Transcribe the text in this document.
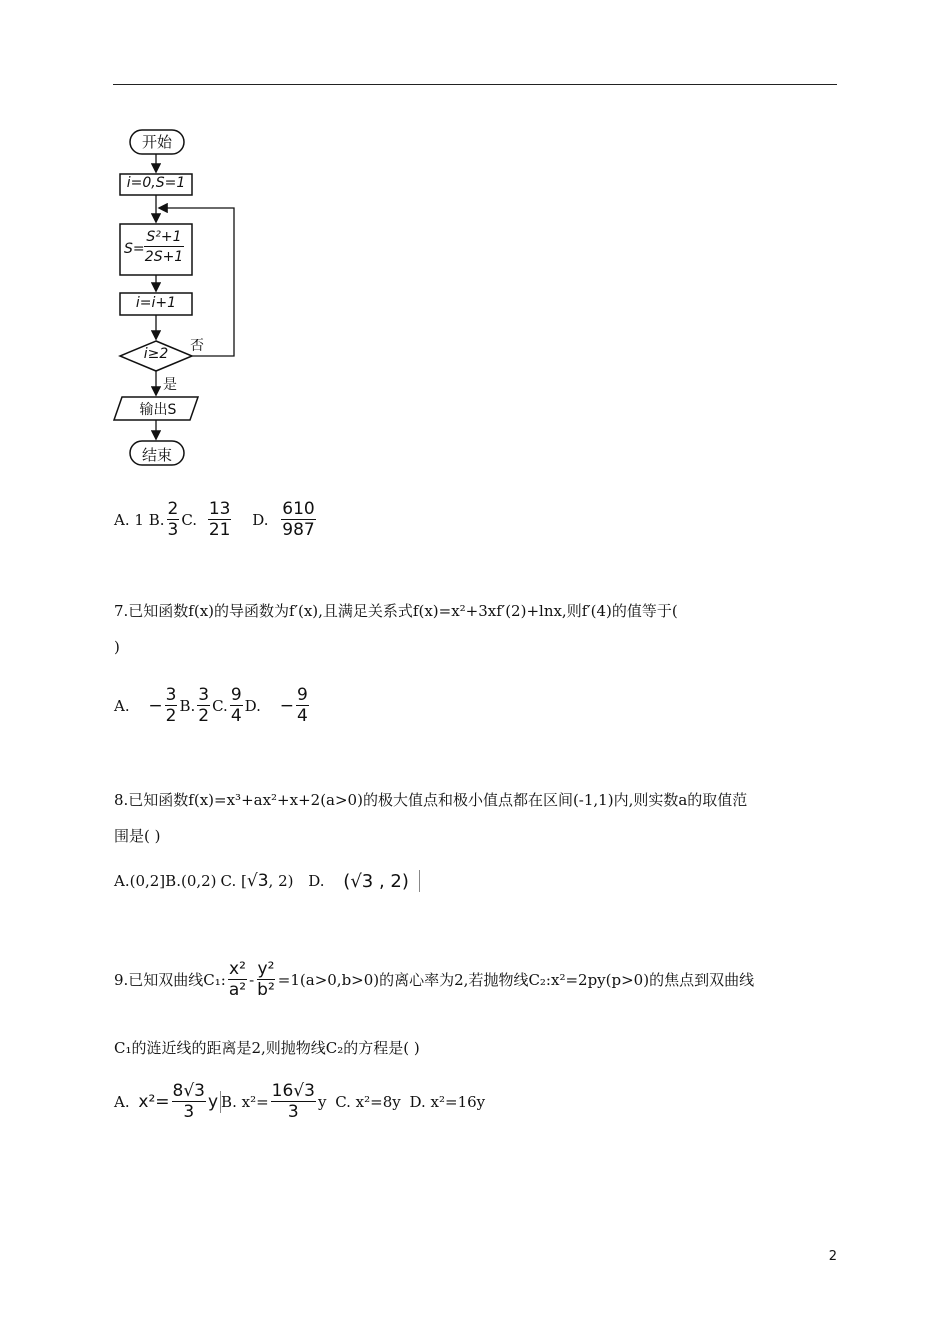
开始
i=0,S=1
S=
S²+1
2S+1
i=i+1
i≥2	否
是
输出S
结束
A. 1 B. $\frac{2}{3} C$. $\frac{13}{21} D$. $\frac{610}{987}$
7.已知函数f(x)的导函数为f′(x),且满足关系式f(x)=x²+3xf′(2)+lnx,则f′(4)的值等于(
)
A. − $\frac{3}{2} B$. $\frac{3}{2} C$. $\frac{9}{4} D$. − $\frac{9}{4}$
8.已知函数f(x)=x³+ax²+x+2(a>0)的极大值点和极小值点都在区间(-1,1)内,则实数a的取值范
围是( )
A.(0,2]B.(0,2) C. [√3, 2) D. (√3 , 2)
9.已知双曲线C₁: $\frac{\text{x²}}{\text{a²}} - \frac{\text{y²}}{\text{b²}} =1(a>0,b>0)$的离心率为2,若抛物线C₂:x²=2py(p>0)的焦点到双曲线
C₁的涟近线的距离是2,则抛物线C₂的方程是( )
A. $x^2= \frac{8√3}{3}$ y B. $x^2= \frac{16√3}{3}$ y C. x²=8y D. x²=16y
2
